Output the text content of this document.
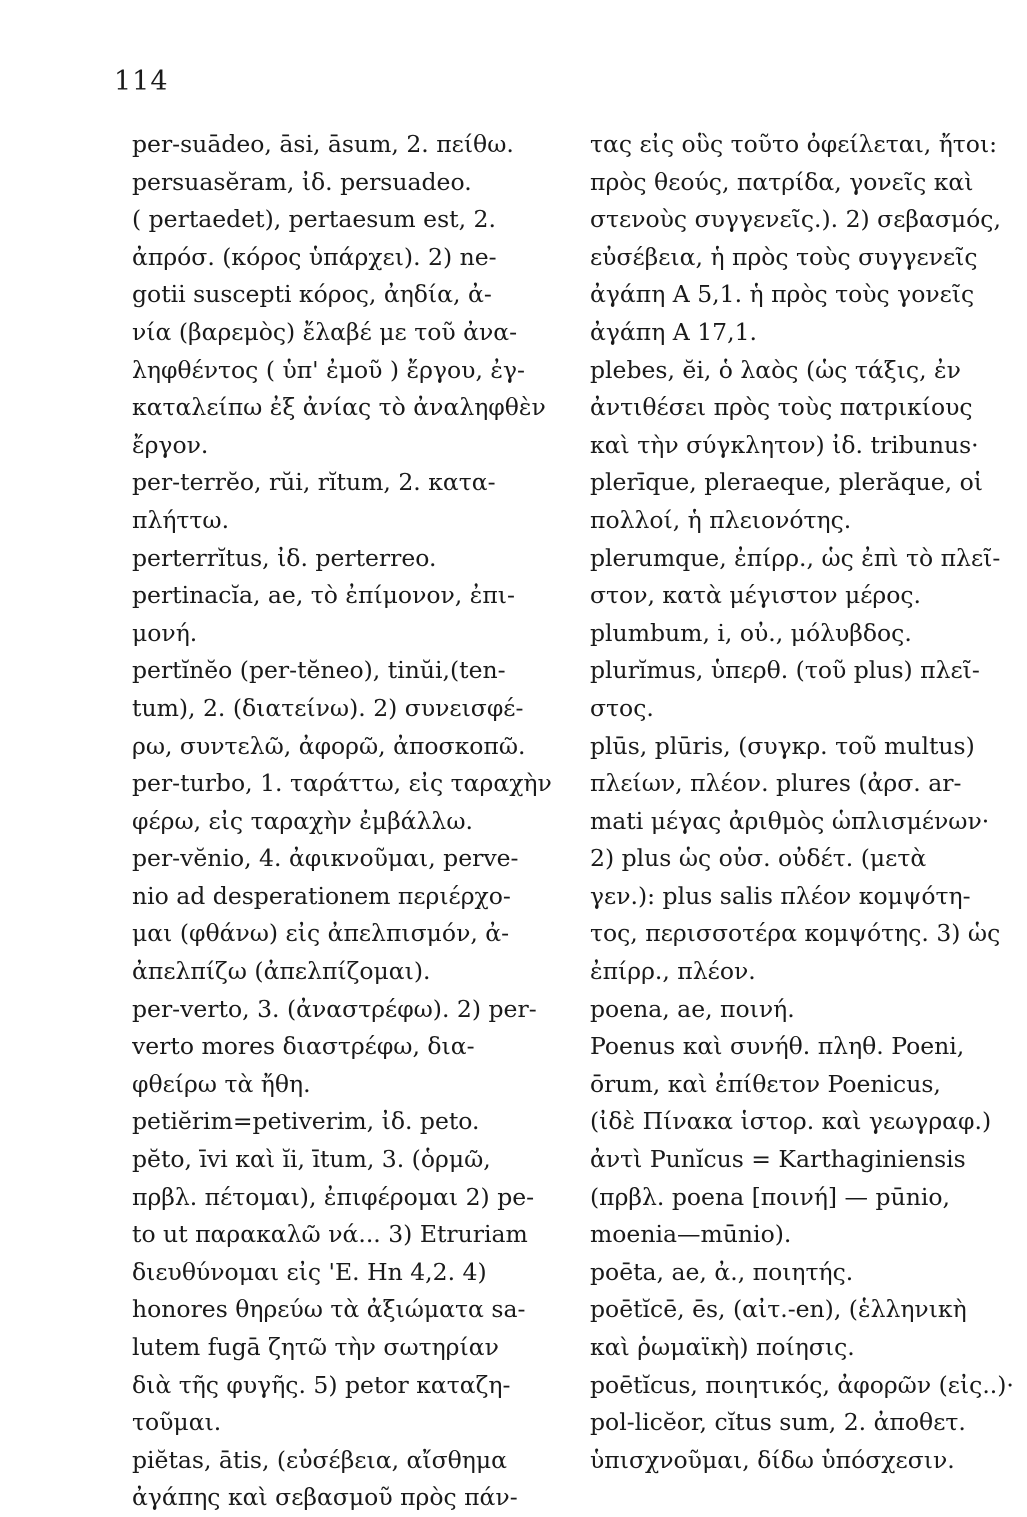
114
per-suādeo, āsi, āsum, 2. πείθω.
persuasĕram, ἰδ. persuadeo.
( pertaedet), pertaesum est, 2.
ἀπρόσ. (κόρος ὑπάρχει). 2) ne-
gotii suscepti κόρος, ἀηδία, ἀ-
νία (βαρεμὸς) ἔλαβέ με τοῦ ἀνα-
ληφθέντος ( ὑπ' ἐμοῦ ) ἔργου, ἐγ-
καταλείπω ἐξ ἀνίας τὸ ἀναληφθὲν
ἔργον.
per-terrĕo, rŭi, rĭtum, 2. κατα-
πλήττω.
perterrĭtus, ἰδ. perterreo.
pertinacĭa, ae, τὸ ἐπίμονον, ἐπι-
μονή.
pertĭnĕo (per-tĕneo), tinŭi,(ten-
tum), 2. (διατείνω). 2) συνεισφέ-
ρω, συντελῶ, ἀφορῶ, ἀποσκοπῶ.
per-turbo, 1. ταράττω, εἰς ταραχὴν
φέρω, εἰς ταραχὴν ἐμβάλλω.
per-vĕnio, 4. ἀφικνοῦμαι, perve-
nio ad desperationem περιέρχο-
μαι (φθάνω) εἰς ἀπελπισμόν, ἀ-
ἀπελπίζω (ἀπελπίζομαι).
per-verto, 3. (ἀναστρέφω). 2) per-
verto mores διαστρέφω, δια-
φθείρω τὰ ἤθη.
petiĕrim=petiverim, ἰδ. peto.
pĕto, īvi καὶ ĭi, ītum, 3. (ὁρμῶ,
πρβλ. πέτομαι), ἐπιφέρομαι 2) pe-
to ut παρακαλῶ νά... 3) Etruriam
διευθύνομαι εἰς 'Ε. Hn 4,2. 4)
honores θηρεύω τὰ ἀξιώματα sa-
lutem fugā ζητῶ τὴν σωτηρίαν
διὰ τῆς φυγῆς. 5) petor καταζη-
τοῦμαι.
piĕtas, ātis, (εὐσέβεια, αἴσθημα
ἀγάπης καὶ σεβασμοῦ πρὸς πάν-
τας εἰς οὓς τοῦτο ὀφείλεται, ἤτοι:
πρὸς θεούς, πατρίδα, γονεῖς καὶ
στενοὺς συγγενεῖς.). 2) σεβασμός,
εὐσέβεια, ἡ πρὸς τοὺς συγγενεῖς
ἀγάπη A 5,1. ἡ πρὸς τοὺς γονεῖς
ἀγάπη A 17,1.
plebes, ĕi, ὁ λαὸς (ὡς τάξις, ἐν
ἀντιθέσει πρὸς τοὺς πατρικίους
καὶ τὴν σύγκλητον) ἰδ. tribunus·
plerīque, pleraeque, plerăque, οἱ
πολλοί, ἡ πλειονότης.
plerumque, ἐπίρρ., ὡς ἐπὶ τὸ πλεῖ-
στον, κατὰ μέγιστον μέρος.
plumbum, i, οὐ., μόλυβδος.
plurĭmus, ὑπερθ. (τοῦ plus) πλεῖ-
στος.
plūs, plūris, (συγκρ. τοῦ multus)
πλείων, πλέον. plures (ἀρσ. ar-
mati μέγας ἀριθμὸς ὡπλισμένων·
2) plus ὡς οὐσ. οὐδέτ. (μετὰ
γεν.): plus salis πλέον κομψότη-
τος, περισσοτέρα κομψότης. 3) ὡς
ἐπίρρ., πλέον.
poena, ae, ποινή.
Poenus καὶ συνήθ. πληθ. Poeni,
ōrum, καὶ ἐπίθετον Poenicus,
(ἰδὲ Πίνακα ἱστορ. καὶ γεωγραφ.)
ἀντὶ Punĭcus = Karthaginiensis
(πρβλ. poena [ποινή] — pūnio,
moenia—mūnio).
poēta, ae, ἀ., ποιητής.
poētĭcē, ēs, (αἰτ.-en), (ἑλληνικὴ
καὶ ῥωμαϊκὴ) ποίησις.
poētĭcus, ποιητικός, ἀφορῶν (εἰς..)·
pol-licĕor, cĭtus sum, 2. ἀποθετ.
ὑπισχνοῦμαι, δίδω ὑπόσχεσιν.
